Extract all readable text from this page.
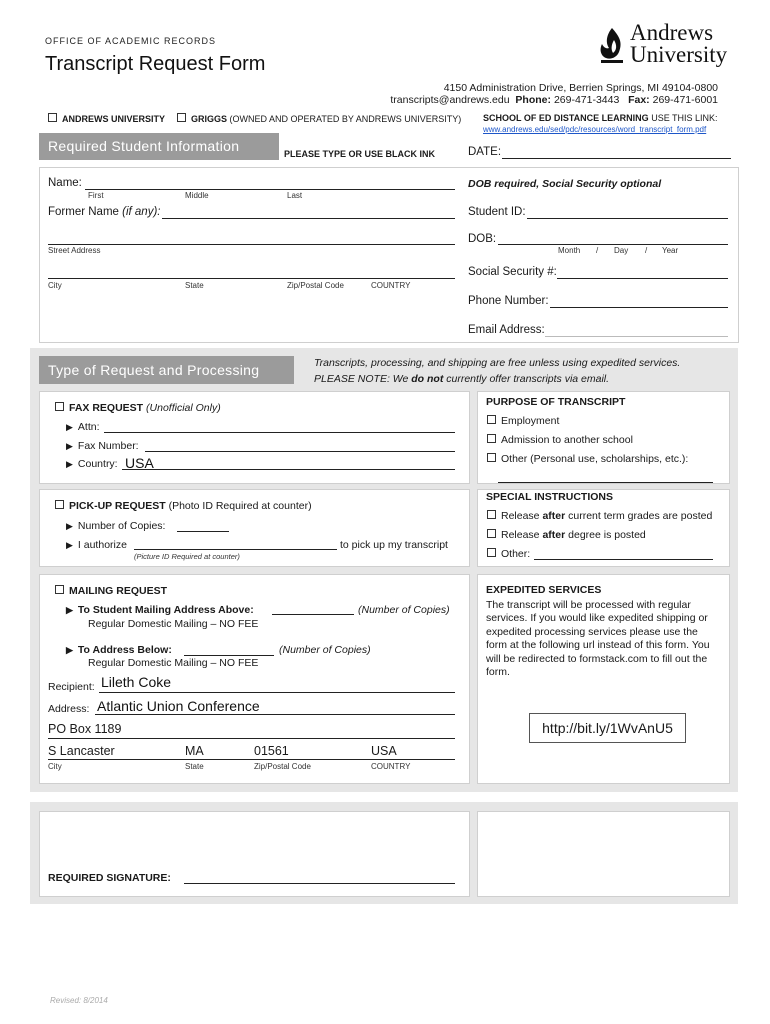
OFFICE OF ACADEMIC RECORDS
Transcript Request Form
Andrews
University
4150 Administration Drive, Berrien Springs, MI 49104-0800
transcripts@andrews.edu Phone: 269-471-3443 Fax: 269-471-6001
ANDREWS UNIVERSITY	GRIGGS (OWNED AND OPERATED BY ANDREWS UNIVERSITY) SCHOOL OF ED DISTANCE LEARNING USE THIS LINK:
www.andrews.edu/sed/pdc/resources/word_transcript_form.pdf
Required Student Information	PLEASE TYPE OR USE BLACK INK	DATE:
Name:
First	Middle	Last
Former Name (if any):
Street Address
City	State	Zip/Postal Code	COUNTRY
DOB required, Social Security optional
Student ID:
DOB:
Month / Day / Year
Social Security #:
Phone Number:
Email Address:
Type of Request and Processing	Transcripts, processing, and shipping are free unless using expedited services.
PLEASE NOTE: We do not currently offer transcripts via email.
FAX REQUEST (Unofficial Only)
▶ Attn:
▶ Fax Number:
▶ Country: USA
PURPOSE OF TRANSCRIPT
Employment
Admission to another school
Other (Personal use, scholarships, etc.):
PICK-UP REQUEST (Photo ID Required at counter)
▶ Number of Copies:
▶ I authorize	to pick up my transcript
(Picture ID Required at counter)
SPECIAL INSTRUCTIONS
Release after current term grades are posted
Release after degree is posted
Other:
MAILING REQUEST
▶ To Student Mailing Address Above:	(Number of Copies)
Regular Domestic Mailing – NO FEE
▶ To Address Below:	(Number of Copies)
Regular Domestic Mailing – NO FEE
Recipient: Lileth Coke
Address: Atlantic Union Conference
PO Box 1189
S Lancaster	MA	01561	USA
City	State	Zip/Postal Code	COUNTRY
EXPEDITED SERVICES
The transcript will be processed with regular services. If you would like expedited shipping or expedited processing services please use the form at the following url instead of this form. You will be redirected to formstack.com to fill out the form.
http://bit.ly/1WvAnU5
REQUIRED SIGNATURE:
Revised: 8/2014
